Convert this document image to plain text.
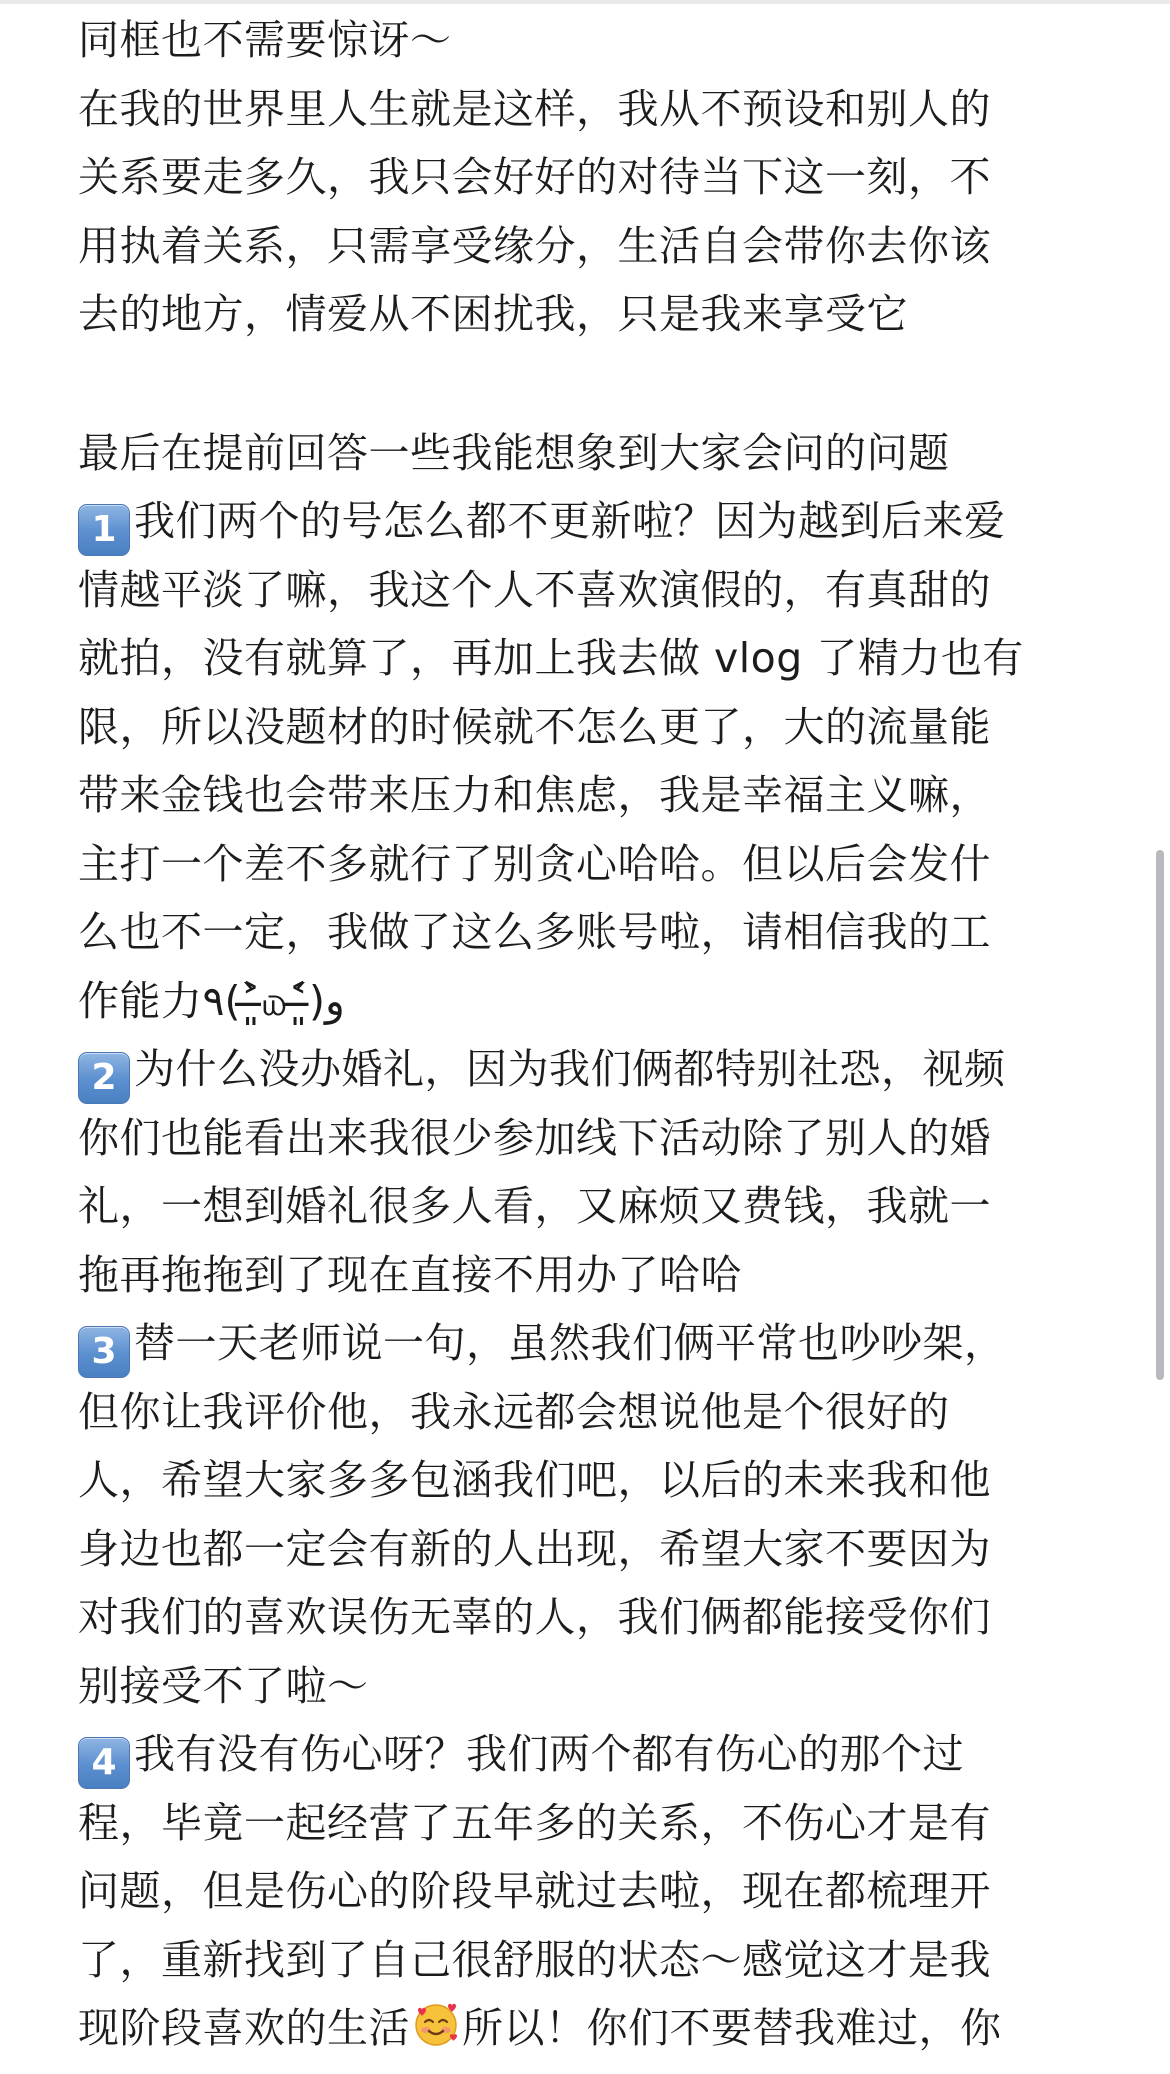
同框也不需要惊讶～
在我的世界里人生就是这样，我从不预设和别人的
关系要走多久，我只会好好的对待当下这一刻，不
用执着关系，只需享受缘分，生活自会带你去你该
去的地方，情爱从不困扰我，只是我来享受它
最后在提前回答一些我能想象到大家会问的问题
1 我们两个的号怎么都不更新啦？因为越到后来爱
情越平淡了嘛，我这个人不喜欢演假的，有真甜的
就拍，没有就算了，再加上我去做 vlog 了精力也有
限，所以没题材的时候就不怎么更了，大的流量能
带来金钱也会带来压力和焦虑，我是幸福主义嘛，
主打一个差不多就行了别贪心哈哈。但以后会发什
么也不一定，我做了这么多账号啦，请相信我的工
作能力٩(˃̶͈̀௰˂̶͈́)و
2 为什么没办婚礼，因为我们俩都特别社恐，视频
你们也能看出来我很少参加线下活动除了别人的婚
礼，一想到婚礼很多人看，又麻烦又费钱，我就一
拖再拖拖到了现在直接不用办了哈哈
3 替一天老师说一句，虽然我们俩平常也吵吵架，
但你让我评价他，我永远都会想说他是个很好的
人，希望大家多多包涵我们吧，以后的未来我和他
身边也都一定会有新的人出现，希望大家不要因为
对我们的喜欢误伤无辜的人，我们俩都能接受你们
别接受不了啦～
4 我有没有伤心呀？我们两个都有伤心的那个过
程，毕竟一起经营了五年多的关系，不伤心才是有
问题，但是伤心的阶段早就过去啦，现在都梳理开
了，重新找到了自己很舒服的状态～感觉这才是我
现阶段喜欢的生活 所以！你们不要替我难过，你
